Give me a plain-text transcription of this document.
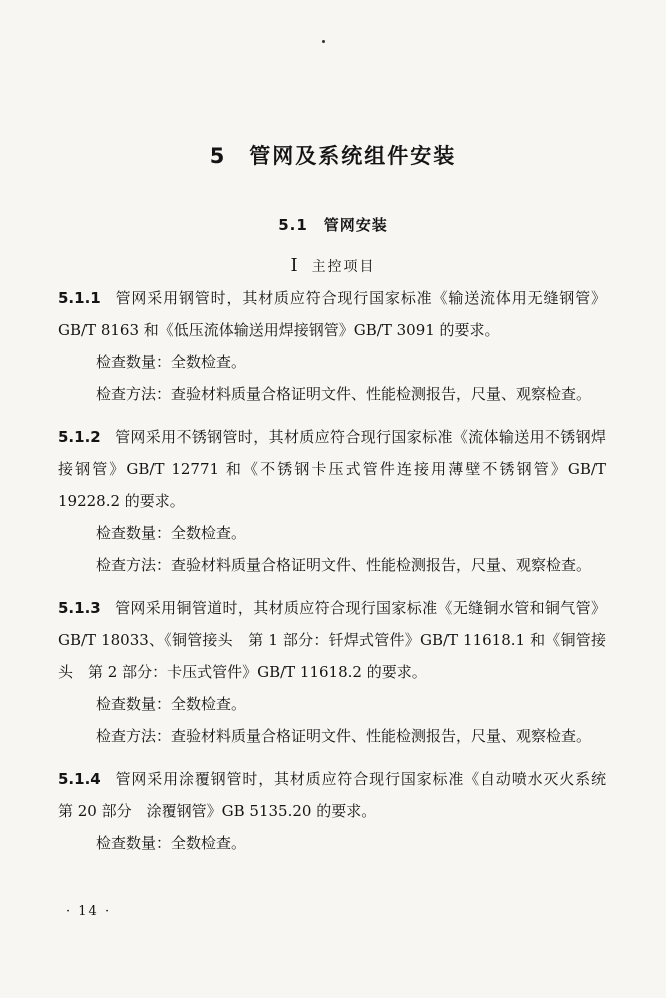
5　管网及系统组件安装
5.1　管网安装
Ⅰ 主控项目

5.1.1 管网采用钢管时，其材质应符合现行国家标准《输送流体用无缝钢管》GB/T 8163 和《低压流体输送用焊接钢管》GB/T 3091 的要求。

检查数量：全数检查。

检查方法：查验材料质量合格证明文件、性能检测报告，尺量、观察检查。

5.1.2 管网采用不锈钢管时，其材质应符合现行国家标准《流体输送用不锈钢焊接钢管》GB/T 12771 和《不锈钢卡压式管件连接用薄壁不锈钢管》GB/T 19228.2 的要求。

检查数量：全数检查。

检查方法：查验材料质量合格证明文件、性能检测报告，尺量、观察检查。

5.1.3 管网采用铜管道时，其材质应符合现行国家标准《无缝铜水管和铜气管》GB/T 18033、《铜管接头　第 1 部分：钎焊式管件》GB/T 11618.1 和《铜管接头　第 2 部分：卡压式管件》GB/T 11618.2 的要求。

检查数量：全数检查。

检查方法：查验材料质量合格证明文件、性能检测报告，尺量、观察检查。

5.1.4 管网采用涂覆钢管时，其材质应符合现行国家标准《自动喷水灭火系统　第 20 部分　涂覆钢管》GB 5135.20 的要求。

检查数量：全数检查。

· 14 ·
